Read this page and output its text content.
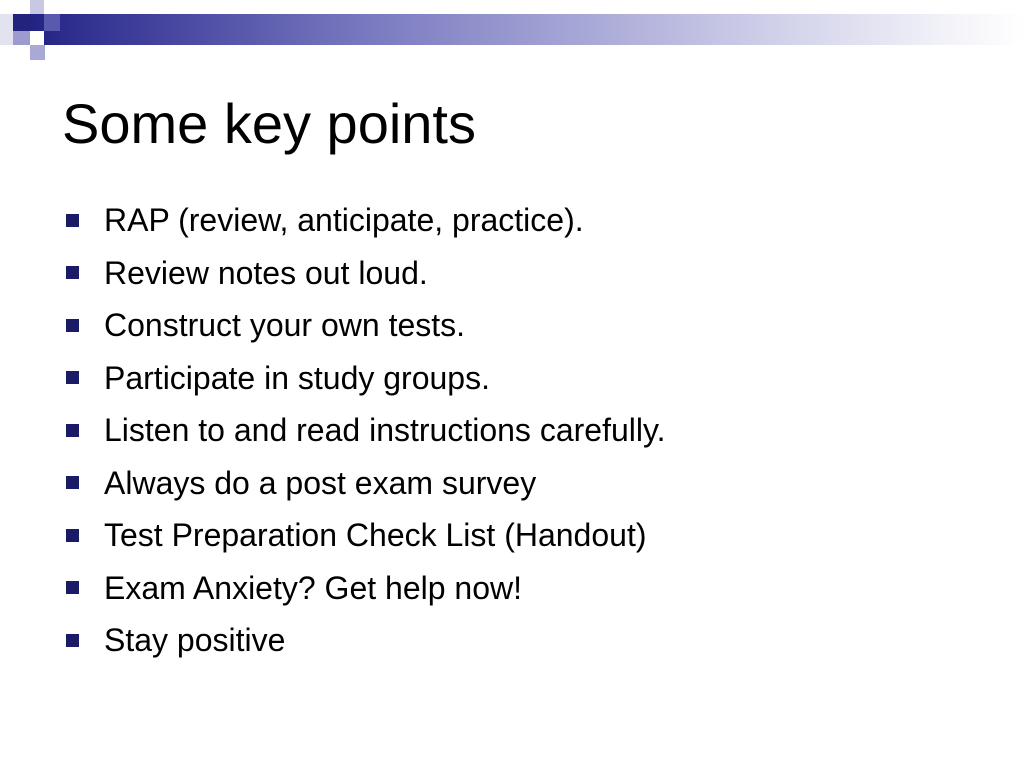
Some key points
RAP (review, anticipate, practice).
Review notes out loud.
Construct your own tests.
Participate in study groups.
Listen to and read instructions carefully.
Always do a post exam survey
Test Preparation Check List (Handout)
Exam Anxiety? Get help now!
Stay positive
